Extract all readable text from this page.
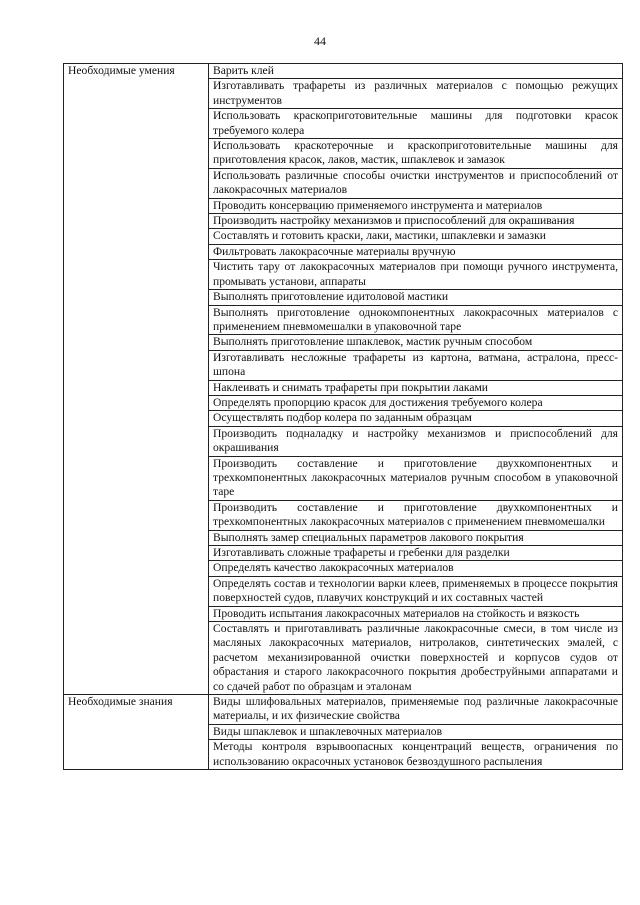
44
Необходимые умения	Варить клей
	Изготавливать трафареты из различных материалов с помощью режущих инструментов
	Использовать краскоприготовительные машины для подготовки красок требуемого колера
	Использовать краскотерочные и краскоприготовительные машины для приготовления красок, лаков, мастик, шпаклевок и замазок
	Использовать различные способы очистки инструментов и приспособлений от лакокрасочных материалов
	Проводить консервацию применяемого инструмента и материалов
	Производить настройку механизмов и приспособлений для окрашивания
	Составлять и готовить краски, лаки, мастики, шпаклевки и замазки
	Фильтровать лакокрасочные материалы вручную
	Чистить тару от лакокрасочных материалов при помощи ручного инструмента, промывать установи, аппараты
	Выполнять приготовление идитоловой мастики
	Выполнять приготовление однокомпонентных лакокрасочных материалов с применением пневмомешалки в упаковочной таре
	Выполнять приготовление шпаклевок, мастик ручным способом
	Изготавливать несложные трафареты из картона, ватмана, астралона, пресс-шпона
	Наклеивать и снимать трафареты при покрытии лаками
	Определять пропорцию красок для достижения требуемого колера
	Осуществлять подбор колера по заданным образцам
	Производить подналадку и настройку механизмов и приспособлений для окрашивания
	Производить составление и приготовление двухкомпонентных и трехкомпонентных лакокрасочных материалов ручным способом в упаковочной таре
	Производить составление и приготовление двухкомпонентных и трехкомпонентных лакокрасочных материалов с применением пневмомешалки
	Выполнять замер специальных параметров лакового покрытия
	Изготавливать сложные трафареты и гребенки для разделки
	Определять качество лакокрасочных материалов
	Определять состав и технологии варки клеев, применяемых в процессе покрытия поверхностей судов, плавучих конструкций и их составных частей
	Проводить испытания лакокрасочных материалов на стойкость и вязкость
	Составлять и приготавливать различные лакокрасочные смеси, в том числе из масляных лакокрасочных материалов, нитролаков, синтетических эмалей, с расчетом механизированной очистки поверхностей и корпусов судов от обрастания и старого лакокрасочного покрытия дробеструйными аппаратами и со сдачей работ по образцам и эталонам
Необходимые знания	Виды шлифовальных материалов, применяемые под различные лакокрасочные материалы, и их физические свойства
	Виды шпаклевок и шпаклевочных материалов
	Методы контроля взрывоопасных концентраций веществ, ограничения по использованию окрасочных установок безвоздушного распыления
